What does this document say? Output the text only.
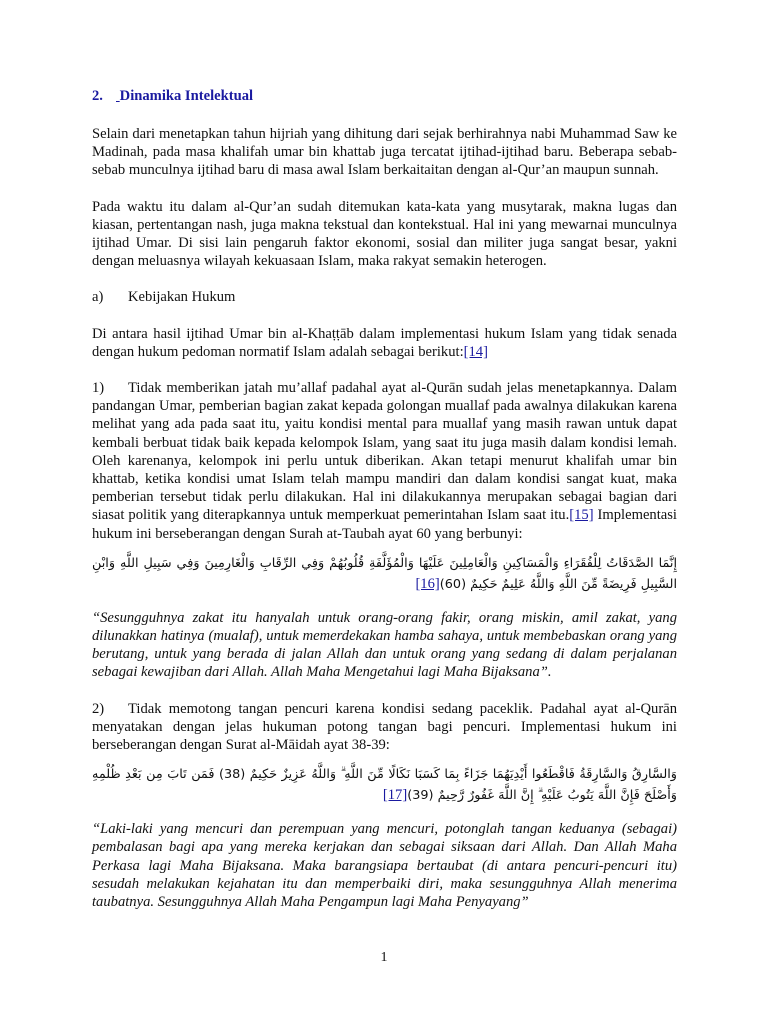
2. Dinamika Intelektual

Selain dari menetapkan tahun hijriah yang dihitung dari sejak berhirahnya nabi Muhammad Saw ke Madinah, pada masa khalifah umar bin khattab juga tercatat ijtihad-ijtihad baru. Beberapa sebab-sebab munculnya ijtihad baru di masa awal Islam berkaitaitan dengan al-Qur’an maupun sunnah.

Pada waktu itu dalam al-Qur’an sudah ditemukan kata-kata yang musytarak, makna lugas dan kiasan, pertentangan nash, juga makna tekstual dan kontekstual. Hal ini yang mewarnai munculnya ijtihad Umar. Di sisi lain pengaruh faktor ekonomi, sosial dan militer juga sangat besar, yakni dengan meluasnya wilayah kekuasaan Islam, maka rakyat semakin heterogen.

a) Kebijakan Hukum

Di antara hasil ijtihad Umar bin al-Khaṭṭāb dalam implementasi hukum Islam yang tidak senada dengan hukum pedoman normatif Islam adalah sebagai berikut:[14]

1) Tidak memberikan jatah mu’allaf padahal ayat al-Qurān sudah jelas menetapkannya. Dalam pandangan Umar, pemberian bagian zakat kepada golongan muallaf pada awalnya dilakukan karena melihat yang ada pada saat itu, yaitu kondisi mental para muallaf yang masih rawan untuk dapat kembali berbuat tidak baik kepada kelompok Islam, yang saat itu juga masih dalam kondisi lemah. Oleh karenanya, kelompok ini perlu untuk diberikan. Akan tetapi menurut khalifah umar bin khattab, ketika kondisi umat Islam telah mampu mandiri dan dalam kondisi sangat kuat, maka pemberian tersebut tidak perlu dilakukan. Hal ini dilakukannya merupakan sebagai bagian dari siasat politik yang diterapkannya untuk memperkuat pemerintahan Islam saat itu.[15] Implementasi hukum ini berseberangan dengan Surah at-Taubah ayat 60 yang berbunyi:

إِنَّمَا الصَّدَقَاتُ لِلْفُقَرَاءِ وَالْمَسَاكِينِ وَالْعَامِلِينَ عَلَيْهَا وَالْمُؤَلَّفَةِ قُلُوبُهُمْ وَفِي الرِّقَابِ وَالْغَارِمِينَ وَفِي سَبِيلِ اللَّهِ وَابْنِ السَّبِيلِ فَرِيضَةً مِّنَ اللَّهِ وَاللَّهُ عَلِيمٌ حَكِيمٌ (60)[16]

“Sesungguhnya zakat itu hanyalah untuk orang-orang fakir, orang miskin, amil zakat, yang dilunakkan hatinya (mualaf), untuk memerdekakan hamba sahaya, untuk membebaskan orang yang berutang, untuk yang berada di jalan Allah dan untuk orang yang sedang di dalam perjalanan sebagai kewajiban dari Allah. Allah Maha Mengetahui lagi Maha Bijaksana”.

2) Tidak memotong tangan pencuri karena kondisi sedang paceklik. Padahal ayat al-Qurān menyatakan dengan jelas hukuman potong tangan bagi pencuri. Implementasi hukum ini berseberangan dengan Surat al-Māidah ayat 38-39:

وَالسَّارِقُ وَالسَّارِقَةُ فَاقْطَعُوا أَيْدِيَهُمَا جَزَاءً بِمَا كَسَبَا نَكَالًا مِّنَ اللَّهِ ۗ وَاللَّهُ عَزِيزٌ حَكِيمٌ (38) فَمَن تَابَ مِن بَعْدِ ظُلْمِهِ وَأَصْلَحَ فَإِنَّ اللَّهَ يَتُوبُ عَلَيْهِ ۗ إِنَّ اللَّهَ غَفُورٌ رَّحِيمٌ (39)[17]

“Laki-laki yang mencuri dan perempuan yang mencuri, potonglah tangan keduanya (sebagai) pembalasan bagi apa yang mereka kerjakan dan sebagai siksaan dari Allah. Dan Allah Maha Perkasa lagi Maha Bijaksana. Maka barangsiapa bertaubat (di antara pencuri-pencuri itu) sesudah melakukan kejahatan itu dan memperbaiki diri, maka sesungguhnya Allah menerima taubatnya. Sesungguhnya Allah Maha Pengampun lagi Maha Penyayang”

1
